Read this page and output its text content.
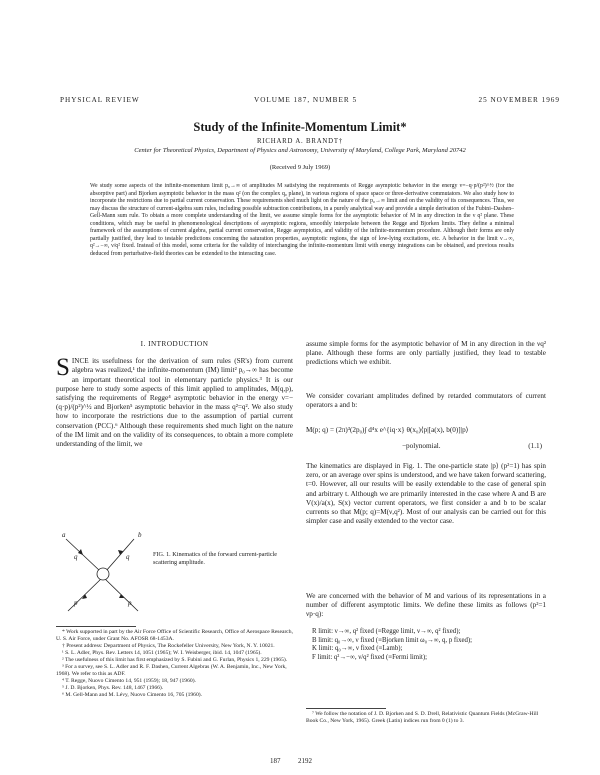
PHYSICAL REVIEW	VOLUME 187, NUMBER 5	25 NOVEMBER 1969
Study of the Infinite-Momentum Limit*
RICHARD A. BRANDT†
Center for Theoretical Physics, Department of Physics and Astronomy, University of Maryland, College Park, Maryland 20742
(Received 9 July 1969)
We study some aspects of the infinite-momentum limit p₀→∞ of amplitudes M satisfying the requirements of Regge asymptotic behavior in the energy ν=−q·p/(p²)^½ (for the absorptive part) and Bjorken asymptotic behavior in the mass q² (on the complex q₀ plane), in various regions of space space or three-derivative commutators. We also study how to incorporate the restrictions due to partial current conservation. These requirements shed much light on the nature of the p₀→∞ limit and on the validity of its consequences. Thus, we may discuss the structure of current-algebra sum rules, including possible subtraction contributions, in a purely analytical way and provide a simple derivation of the Fubini–Dashen–Gell-Mann sum rule. To obtain a more complete understanding of the limit, we assume simple forms for the asymptotic behavior of M in any direction in the ν q² plane. These conditions, which may be useful in phenomenological descriptions of asymptotic regions, smoothly interpolate between the Regge and Bjorken limits. They define a minimal framework of the assumptions of current algebra, partial current conservation, Regge asymptotics, and validity of the infinite-momentum procedure. Although their forms are only partially justified, they lead to testable predictions concerning the saturation properties, asymptotic regions, the sign of low-lying excitations, etc. A behavior in the limit ν→∞, q²→−∞, ν/q² fixed. Instead of this model, some criteria for the validity of interchanging the infinite-momentum limit with energy integrations can be obtained, and previous results deduced from perturbative-field theories can be extended to the interacting case.
I. INTRODUCTION

SINCE its usefulness for the derivation of sum rules (SR's) from current algebra was realized,¹ the infinite-momentum (IM) limit² p₀→∞ has become an important theoretical tool in elementary particle physics.³ It is our purpose here to study some aspects of this limit applied to amplitudes, M(q,p), satisfying the requirements of Regge⁴ asymptotic behavior in the energy ν=−(q·p)/(p²)^½ and Bjorken⁵ asymptotic behavior in the mass q²=q². We also study how to incorporate the restrictions due to the assumption of partial current conservation (PCC).⁶ Although these requirements shed much light on the nature of the IM limit and on the validity of its consequences, to obtain a more complete understanding of the limit, we

q	q
a	b
p	p
FIG. 1. Kinematics of the forward current-particle scattering amplitude.

* Work supported in part by the Air Force Office of Scientific Research, Office of Aerospace Research, U. S. Air Force, under Grant No. AFOSR 68-1453A.

† Present address: Department of Physics, The Rockefeller University, New York, N. Y. 10021.

¹ S. L. Adler, Phys. Rev. Letters 14, 1051 (1965); W. I. Weisberger, ibid. 14, 1047 (1965).

² The usefulness of this limit has first emphasized by S. Fubini and G. Furlan, Physics 1, 229 (1965).

³ For a survey, see S. L. Adler and R. F. Dashen, Current Algebras (W. A. Benjamin, Inc., New York, 1968). We refer to this as ADF.

⁴ T. Regge, Nuovo Cimento 14, 951 (1959); 18, 947 (1960).

⁵ J. D. Bjorken, Phys. Rev. 148, 1467 (1966).

⁶ M. Gell-Mann and M. Lévy, Nuovo Cimento 16, 705 (1960).

assume simple forms for the asymptotic behavior of M in any direction in the νq² plane. Although these forms are only partially justified, they lead to testable predictions which we exhibit.

We consider covariant amplitudes defined by retarded commutators of current operators a and b:

M(p; q) = (2π)³(2p₀)∫ d⁴x e^{iq·x} θ(x₀)⟨p|[a(x), b(0)]|p⟩
−polynomial.	(1.1)

The kinematics are displayed in Fig. 1. The one-particle state |p⟩ (p²=1) has spin zero, or an average over spins is understood, and we have taken forward scattering, t=0. However, all our results will be easily extendable to the case of general spin and arbitrary t. Although we are primarily interested in the case where A and B are V(x)/a(x), S(x) vector current operators, we first consider a and b to be scalar currents so that M(p; q)=M(ν,q²). Most of our analysis can be carried out for this simpler case and easily extended to the vector case.

We are concerned with the behavior of M and various of its representations in a number of different asymptotic limits. We define these limits as follows (p²=1 νp·q):

R limit: ν→∞, q² fixed (≡Regge limit, ν→∞, q² fixed);
B limit: q₀→∞, ν fixed (≡Bjorken limit ω₀→∞, q, p fixed);
K limit: q₀→∞, ν fixed (≡Lamb);
F limit: q²→−∞, ν/q² fixed (≡Fermi limit);
⁷ We follow the notation of J. D. Bjorken and S. D. Drell, Relativistic Quantum Fields (McGraw-Hill Book Co., New York, 1965). Greek (Latin) indices run from 0 (1) to 3.
187	2192
